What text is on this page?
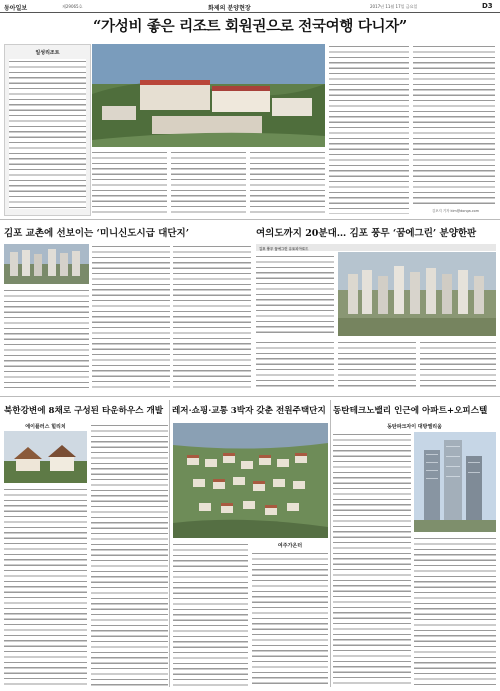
동아일보	제29065호	화제의 분양현장	2017년 11월 17일 금요일	D3
“가성비 좋은 리조트 회원권으로 전국여행 다니자”
일성리조트
김포지 기자 kim@donga.com
김포 교촌에 선보이는 ‘미니신도시급 대단지’	여의도까지 20분대… 김포 풍무 ‘꿈에그린’ 분양한판
김포 풍무 꿈에그린 유토피아로드
북한강변에 8채로 구성된 타운하우스 개발 레저·쇼핑·교통 3박자 갖춘 전원주택단지 동탄테크노밸리 인근에 아파트+오피스텔
에이플러스 힐리치
여주가온터
동탄파크자이 대방엘리움
